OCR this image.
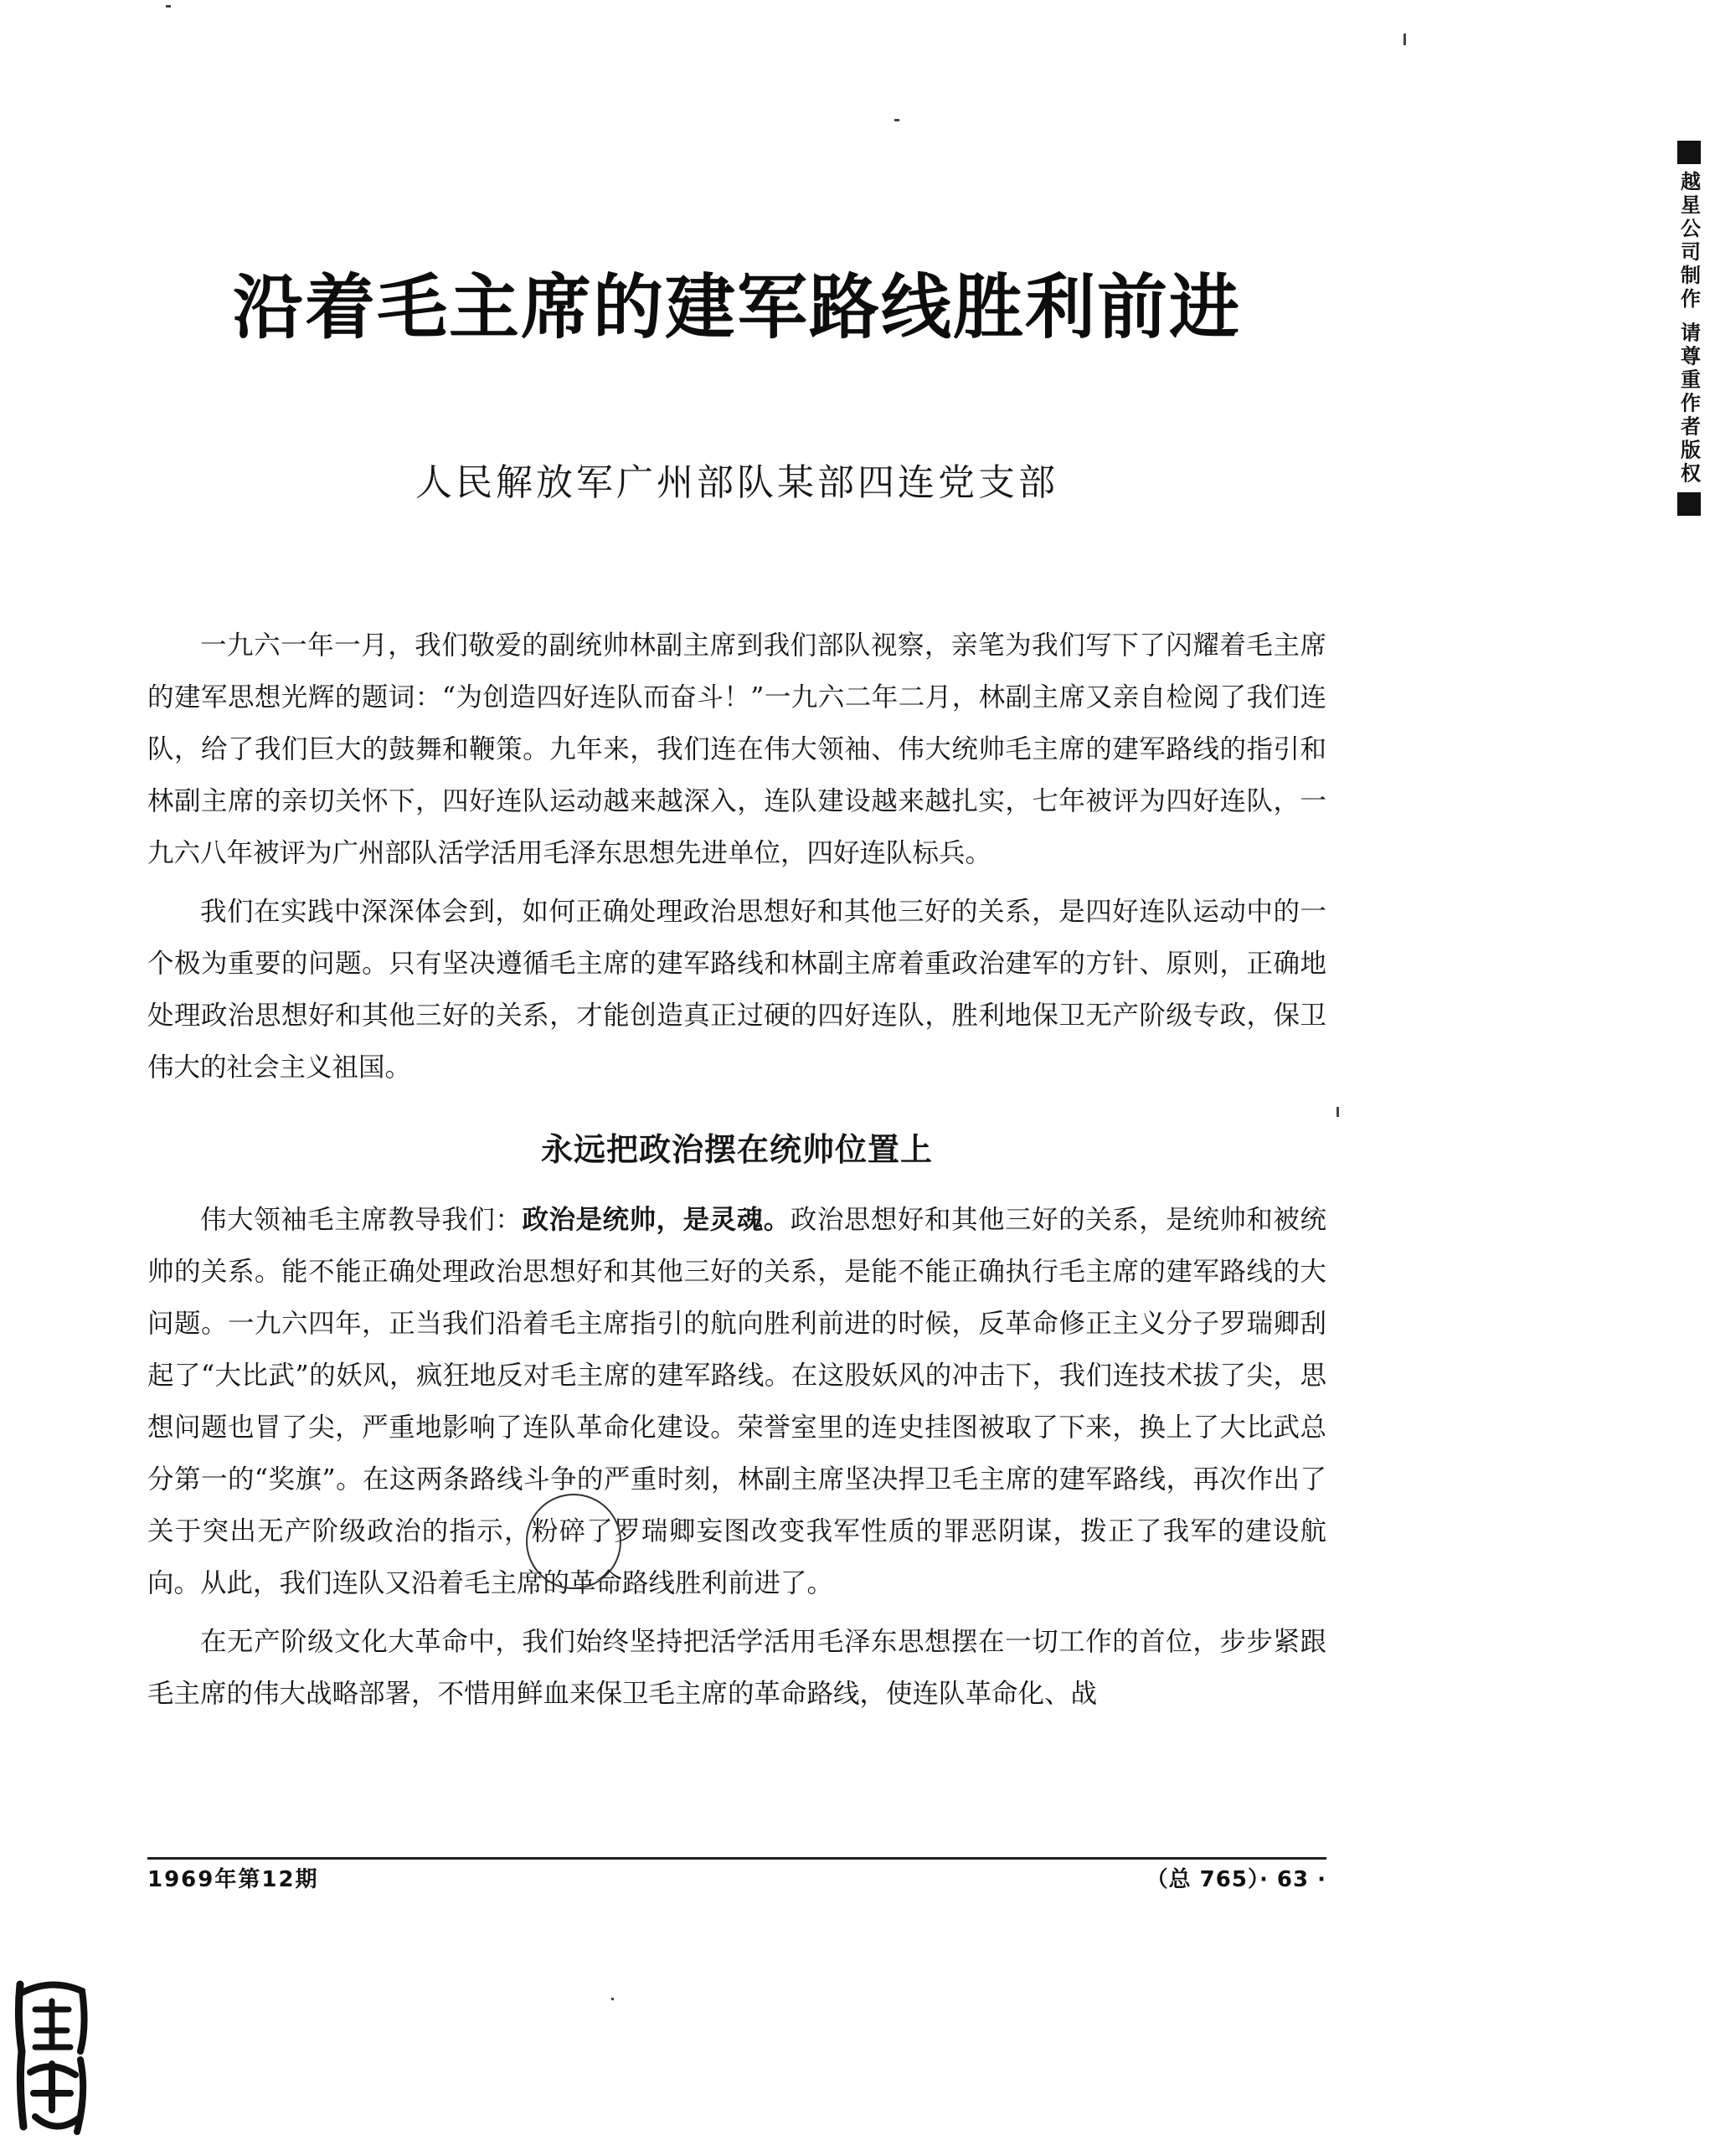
沿着毛主席的建军路线胜利前进
人民解放军广州部队某部四连党支部

一九六一年一月，我们敬爱的副统帅林副主席到我们部队视察，亲笔为我们写下了闪耀着毛主席的建军思想光辉的题词：“为创造四好连队而奋斗！”一九六二年二月，林副主席又亲自检阅了我们连队，给了我们巨大的鼓舞和鞭策。九年来，我们连在伟大领袖、伟大统帅毛主席的建军路线的指引和林副主席的亲切关怀下，四好连队运动越来越深入，连队建设越来越扎实，七年被评为四好连队，一九六八年被评为广州部队活学活用毛泽东思想先进单位，四好连队标兵。

我们在实践中深深体会到，如何正确处理政治思想好和其他三好的关系，是四好连队运动中的一个极为重要的问题。只有坚决遵循毛主席的建军路线和林副主席着重政治建军的方针、原则，正确地处理政治思想好和其他三好的关系，才能创造真正过硬的四好连队，胜利地保卫无产阶级专政，保卫伟大的社会主义祖国。

永远把政治摆在统帅位置上

伟大领袖毛主席教导我们：政治是统帅，是灵魂。政治思想好和其他三好的关系，是统帅和被统帅的关系。能不能正确处理政治思想好和其他三好的关系，是能不能正确执行毛主席的建军路线的大问题。一九六四年，正当我们沿着毛主席指引的航向胜利前进的时候，反革命修正主义分子罗瑞卿刮起了“大比武”的妖风，疯狂地反对毛主席的建军路线。在这股妖风的冲击下，我们连技术拔了尖，思想问题也冒了尖，严重地影响了连队革命化建设。荣誉室里的连史挂图被取了下来，换上了大比武总分第一的“奖旗”。在这两条路线斗争的严重时刻，林副主席坚决捍卫毛主席的建军路线，再次作出了关于突出无产阶级政治的指示，粉碎了罗瑞卿妄图改变我军性质的罪恶阴谋，拨正了我军的建设航向。从此，我们连队又沿着毛主席的革命路线胜利前进了。

在无产阶级文化大革命中，我们始终坚持把活学活用毛泽东思想摆在一切工作的首位，步步紧跟毛主席的伟大战略部署，不惜用鲜血来保卫毛主席的革命路线，使连队革命化、战

1969年第12期	（总 765）· 63 ·
越星公司制作 请尊重作者版权
